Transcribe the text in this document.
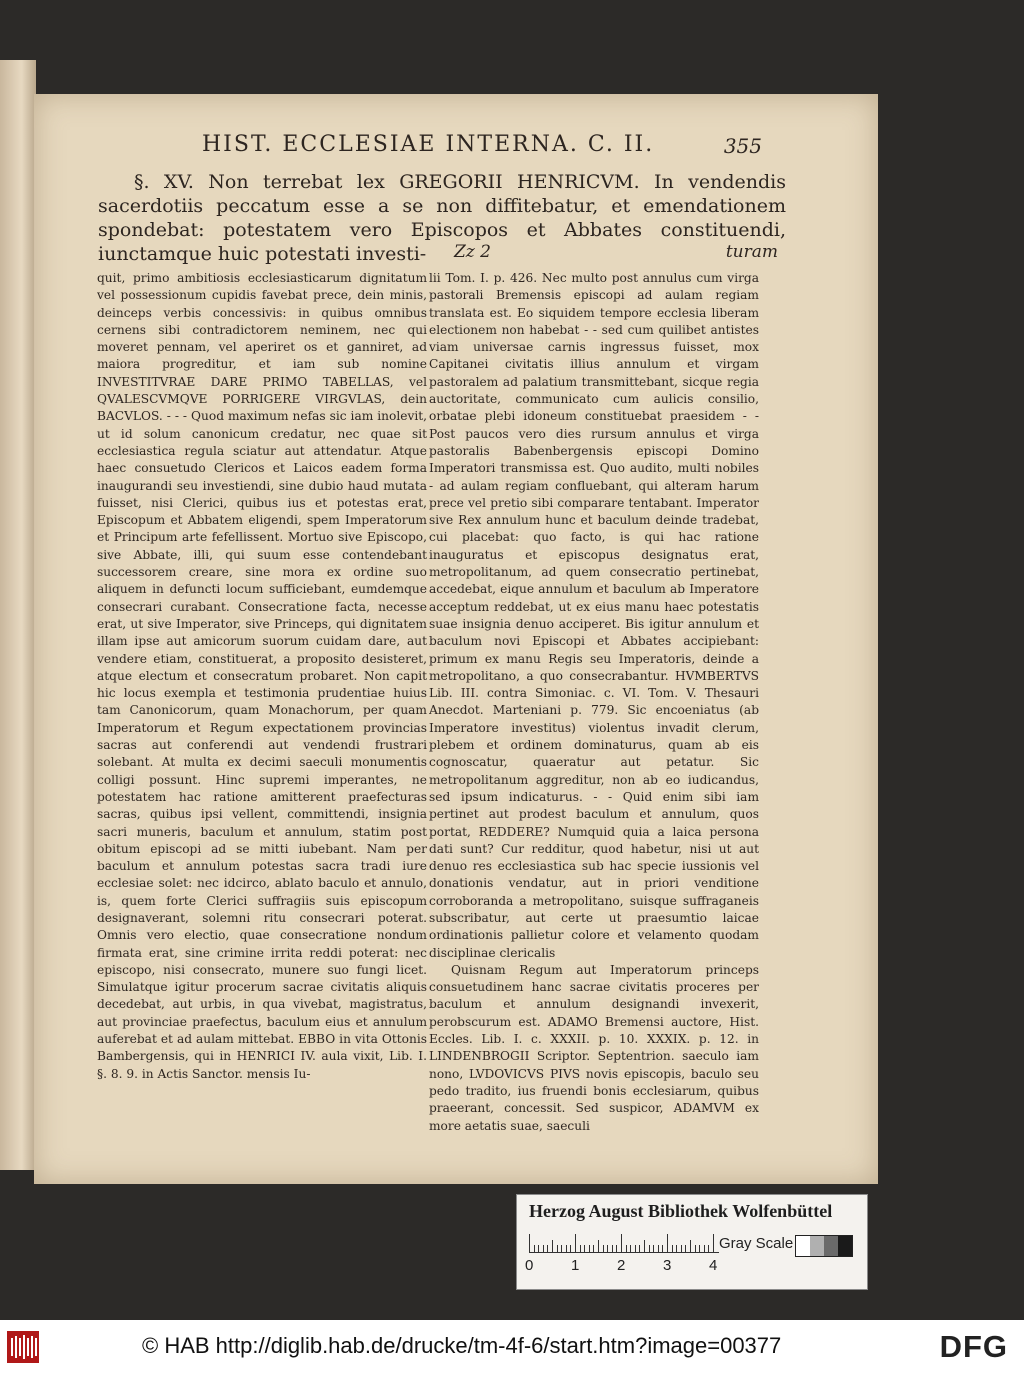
HIST. ECCLESIAE INTERNA. C. II.	355

§. XV. Non terrebat lex GREGORII HENRICVM. In vendendis sacerdotiis peccatum esse a se non diffitebatur, et emendationem spondebat: potestatem vero Episcopos et Abbates constituendi, iunctamque huic potestati investi-	Zz 2	turam

quit, primo ambitiosis ecclesiasticarum dignitatum vel possessionum cupidis favebat prece, dein minis, deinceps verbis concessivis: in quibus omnibus cernens sibi contradictorem neminem, nec qui moveret pennam, vel aperiret os et ganniret, ad maiora progreditur, et iam sub nomine INVESTITVRAE DARE PRIMO TABELLAS, vel QVALESCVMQVE PORRIGERE VIRGVLAS, dein BACVLOS. - - - Quod maximum nefas sic iam inolevit, ut id solum canonicum credatur, nec quae sit ecclesiastica regula sciatur aut attendatur. Atque haec consuetudo Clericos et Laicos eadem forma inaugurandi seu investiendi, sine dubio haud mutata fuisset, nisi Clerici, quibus ius et potestas erat, Episcopum et Abbatem eligendi, spem Imperatorum et Principum arte fefellissent. Mortuo sive Episcopo, sive Abbate, illi, qui suum esse contendebant successorem creare, sine mora ex ordine suo aliquem in defuncti locum sufficiebant, eumdemque consecrari curabant. Consecratione facta, necesse erat, ut sive Imperator, sive Princeps, qui dignitatem illam ipse aut amicorum suorum cuidam dare, aut vendere etiam, constituerat, a proposito desisteret, atque electum et consecratum probaret. Non capit hic locus exempla et testimonia prudentiae huius tam Canonicorum, quam Monachorum, per quam Imperatorum et Regum expectationem provincias sacras aut conferendi aut vendendi frustrari solebant. At multa ex decimi saeculi monumentis colligi possunt. Hinc supremi imperantes, ne potestatem hac ratione amitterent praefecturas sacras, quibus ipsi vellent, committendi, insignia sacri muneris, baculum et annulum, statim post obitum episcopi ad se mitti iubebant. Nam per baculum et annulum potestas sacra tradi iure ecclesiae solet: nec idcirco, ablato baculo et annulo, is, quem forte Clerici suffragiis suis episcopum designaverant, solemni ritu consecrari poterat. Omnis vero electio, quae consecratione nondum firmata erat, sine crimine irrita reddi poterat: nec episcopo, nisi consecrato, munere suo fungi licet. Simulatque igitur procerum sacrae civitatis aliquis decedebat, aut urbis, in qua vivebat, magistratus, aut provinciae praefectus, baculum eius et annulum auferebat et ad aulam mittebat. EBBO in vita Ottonis Bambergensis, qui in HENRICI IV. aula vixit, Lib. I. §. 8. 9. in Actis Sanctor. mensis Iu-

lii Tom. I. p. 426. Nec multo post annulus cum virga pastorali Bremensis episcopi ad aulam regiam translata est. Eo siquidem tempore ecclesia liberam electionem non habebat - - sed cum quilibet antistes viam universae carnis ingressus fuisset, mox Capitanei civitatis illius annulum et virgam pastoralem ad palatium transmittebant, sicque regia auctoritate, communicato cum aulicis consilio, orbatae plebi idoneum constituebat praesidem - - Post paucos vero dies rursum annulus et virga pastoralis Babenbergensis episcopi Domino Imperatori transmissa est. Quo audito, multi nobiles - ad aulam regiam confluebant, qui alteram harum prece vel pretio sibi comparare tentabant. Imperator sive Rex annulum hunc et baculum deinde tradebat, cui placebat: quo facto, is qui hac ratione inauguratus et episcopus designatus erat, metropolitanum, ad quem consecratio pertinebat, accedebat, eique annulum et baculum ab Imperatore acceptum reddebat, ut ex eius manu haec potestatis suae insignia denuo acciperet. Bis igitur annulum et baculum novi Episcopi et Abbates accipiebant: primum ex manu Regis seu Imperatoris, deinde a metropolitano, a quo consecrabantur. HVMBERTVS Lib. III. contra Simoniac. c. VI. Tom. V. Thesauri Anecdot. Marteniani p. 779. Sic encoeniatus (ab Imperatore investitus) violentus invadit clerum, plebem et ordinem dominaturus, quam ab eis cognoscatur, quaeratur aut petatur. Sic metropolitanum aggreditur, non ab eo iudicandus, sed ipsum indicaturus. - - Quid enim sibi iam pertinet aut prodest baculum et annulum, quos portat, REDDERE? Numquid quia a laica persona dati sunt? Cur redditur, quod habetur, nisi ut aut denuo res ecclesiastica sub hac specie iussionis vel donationis vendatur, aut in priori venditione corroboranda a metropolitano, suisque suffraganeis subscribatur, aut certe ut praesumtio laicae ordinationis pallietur colore et velamento quodam disciplinae clericalis

Quisnam Regum aut Imperatorum princeps consuetudinem hanc sacrae civitatis proceres per baculum et annulum designandi invexerit, perobscurum est. ADAMO Bremensi auctore, Hist. Eccles. Lib. I. c. XXXII. p. 10. XXXIX. p. 12. in LINDENBROGII Scriptor. Septentrion. saeculo iam nono, LVDOVICVS PIVS novis episcopis, baculo seu pedo tradito, ius fruendi bonis ecclesiarum, quibus praeerant, concessit. Sed suspicor, ADAMVM ex more aetatis suae, saeculi

Herzog August Bibliothek Wolfenbüttel
0	1	2	3	4
Gray Scale
© HAB http://diglib.hab.de/drucke/tm-4f-6/start.htm?image=00377	DFG
